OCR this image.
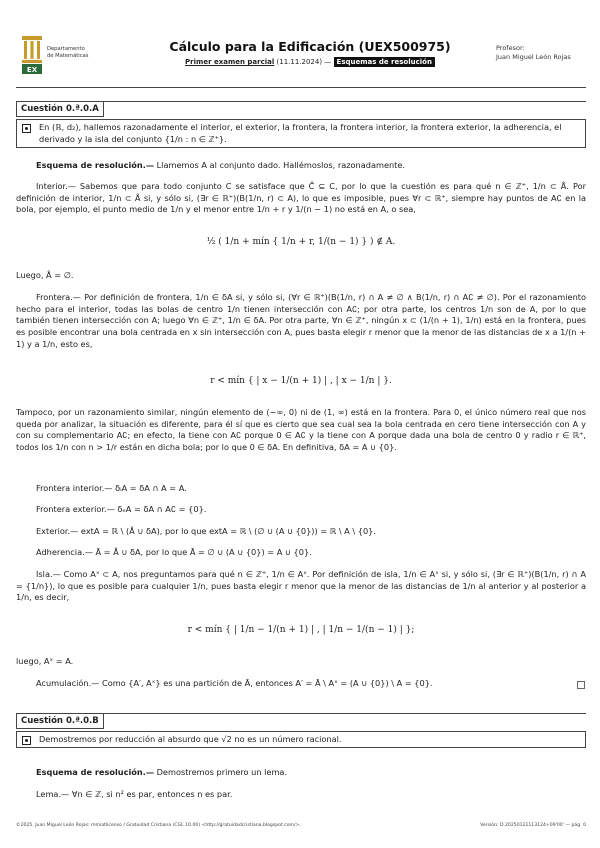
EX
Departamento
de Matemáticas
Cálculo para la Edificación (UEX500975)
Primer examen parcial (11.11.2024) — Esquemas de resolución
Profesor:
Juan Miguel León Rojas
Cuestión 0.ª.0.A
En (ℝ, d₂), hallemos razonadamente el interior, el exterior, la frontera, la frontera interior, la frontera exterior, la adherencia, el derivado y la isla del conjunto {1/n : n ∈ ℤ⁺}.
Esquema de resolución.— Llamemos A al conjunto dado. Hallémoslos, razonadamente.
Interior.— Sabemos que para todo conjunto C se satisface que C̊ ⊆ C, por lo que la cuestión es para qué n ∈ ℤ⁺, 1/n ⊂ Å. Por definición de interior, 1/n ⊂ Å si, y sólo si, (∃r ∈ ℝ⁺)(B(1/n, r) ⊂ A), lo que es imposible, pues ∀r ⊂ ℝ⁺, siempre hay puntos de A∁ en la bola, por ejemplo, el punto medio de 1/n y el menor entre 1/n + r y 1/(n − 1) no está en A, o sea,
½ ( 1/n + mín { 1/n + r, 1/(n − 1) } ) ∉ A.
Luego, Å = ∅.
Frontera.— Por definición de frontera, 1/n ∈ δA si, y sólo si, (∀r ∈ ℝ⁺)(B(1/n, r) ∩ A ≠ ∅ ∧ B(1/n, r) ∩ A∁ ≠ ∅). Por el razonamiento hecho para el interior, todas las bolas de centro 1/n tienen intersección con A∁; por otra parte, los centros 1/n son de A, por lo que también tienen intersección con A; luego ∀n ∈ ℤ⁺, 1/n ∈ δA. Por otra parte, ∀n ∈ ℤ⁺, ningún x ⊂ (1/(n + 1), 1/n) está en la frontera, pues es posible encontrar una bola centrada en x sin intersección con A, pues basta elegir r menor que la menor de las distancias de x a 1/(n + 1) y a 1/n, esto es,
r < mín { | x − 1/(n + 1) | , | x − 1/n | }.
Tampoco, por un razonamiento similar, ningún elemento de (−∞, 0) ni de (1, ∞) está en la frontera. Para 0, el único número real que nos queda por analizar, la situación es diferente, para él sí que es cierto que sea cual sea la bola centrada en cero tiene intersección con A y con su complementario A∁; en efecto, la tiene con A∁ porque 0 ∈ A∁ y la tiene con A porque dada una bola de centro 0 y radio r ∈ ℝ⁺, todos los 1/n con n > 1/r están en dicha bola; por lo que 0 ∈ δA. En definitiva, δA = A ∪ {0}.
Frontera interior.— δᵢA = δA ∩ A = A.
Frontera exterior.— δₑA = δA ∩ A∁ = {0}.
Exterior.— extA = ℝ \ (Å ∪ δA), por lo que extA = ℝ \ (∅ ∪ (A ∪ {0})) = ℝ \ A \ {0}.
Adherencia.— Ā = Å ∪ δA, por lo que Ā = ∅ ∪ (A ∪ {0}) = A ∪ {0}.
Isla.— Como Aˣ ⊂ A, nos preguntamos para qué n ∈ ℤ⁺, 1/n ∈ Aˣ. Por definición de isla, 1/n ∈ Aˣ si, y sólo si, (∃r ∈ ℝ⁺)(B(1/n, r) ∩ A = {1/n}), lo que es posible para cualquier 1/n, pues basta elegir r menor que la menor de las distancias de 1/n al anterior y al posterior a 1/n, es decir,
r < mín { | 1/n − 1/(n + 1) | , | 1/n − 1/(n − 1) | };
luego, Aˣ = A.
Acumulación.— Como {A′, Aˣ} es una partición de Ā, entonces A′ = Ā \ Aˣ = (A ∪ {0}) \ A = {0}.
Cuestión 0.ª.0.B
Demostremos por reducción al absurdo que √2 no es un número racional.
Esquema de resolución.— Demostremos primero un lema.
Lema.— ∀n ∈ ℤ, si n² es par, entonces n es par.
©2025. Juan Miguel León Rojas: mmiatlicenso / Gratuidad Cristiana (CGL 10.00) <http://gratuidadcristiana.blogspot.com/>.	Versión: D.20250121113124+09'00' — pág. 0
